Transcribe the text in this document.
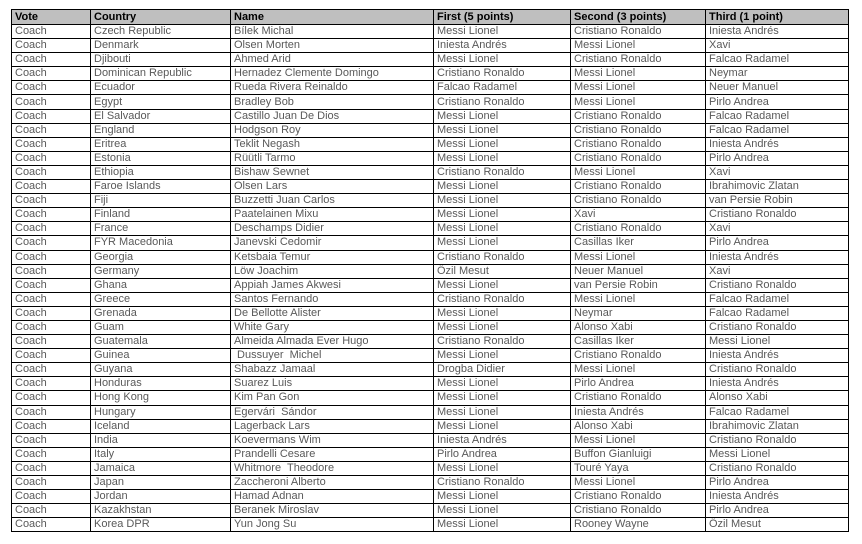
Vote	Country	Name	First (5 points)	Second (3 points)	Third (1 point)
Coach	Czech Republic	Bílek Michal	Messi Lionel	Cristiano Ronaldo	Iniesta Andrés
Coach	Denmark	Olsen Morten	Iniesta Andrés	Messi Lionel	Xavi
Coach	Djibouti	Ahmed Arid	Messi Lionel	Cristiano Ronaldo	Falcao Radamel
Coach	Dominican Republic	Hernadez Clemente Domingo	Cristiano Ronaldo	Messi Lionel	Neymar
Coach	Ecuador	Rueda Rivera Reinaldo	Falcao Radamel	Messi Lionel	Neuer Manuel
Coach	Egypt	Bradley Bob	Cristiano Ronaldo	Messi Lionel	Pirlo Andrea
Coach	El Salvador	Castillo Juan De Dios	Messi Lionel	Cristiano Ronaldo	Falcao Radamel
Coach	England	Hodgson Roy	Messi Lionel	Cristiano Ronaldo	Falcao Radamel
Coach	Eritrea	Teklit Negash	Messi Lionel	Cristiano Ronaldo	Iniesta Andrés
Coach	Estonia	Rüütli Tarmo	Messi Lionel	Cristiano Ronaldo	Pirlo Andrea
Coach	Ethiopia	Bishaw Sewnet	Cristiano Ronaldo	Messi Lionel	Xavi
Coach	Faroe Islands	Olsen Lars	Messi Lionel	Cristiano Ronaldo	Ibrahimovic Zlatan
Coach	Fiji	Buzzetti Juan Carlos	Messi Lionel	Cristiano Ronaldo	van Persie Robin
Coach	Finland	Paatelainen Mixu	Messi Lionel	Xavi	Cristiano Ronaldo
Coach	France	Deschamps Didier	Messi Lionel	Cristiano Ronaldo	Xavi
Coach	FYR Macedonia	Janevski Cedomir	Messi Lionel	Casillas Iker	Pirlo Andrea
Coach	Georgia	Ketsbaia Temur	Cristiano Ronaldo	Messi Lionel	Iniesta Andrés
Coach	Germany	Löw Joachim	Özil Mesut	Neuer Manuel	Xavi
Coach	Ghana	Appiah James Akwesi	Messi Lionel	van Persie Robin	Cristiano Ronaldo
Coach	Greece	Santos Fernando	Cristiano Ronaldo	Messi Lionel	Falcao Radamel
Coach	Grenada	De Bellotte Alister	Messi Lionel	Neymar	Falcao Radamel
Coach	Guam	White Gary	Messi Lionel	Alonso Xabi	Cristiano Ronaldo
Coach	Guatemala	Almeida Almada Ever Hugo	Cristiano Ronaldo	Casillas Iker	Messi Lionel
Coach	Guinea	Dussuyer  Michel	Messi Lionel	Cristiano Ronaldo	Iniesta Andrés
Coach	Guyana	Shabazz Jamaal	Drogba Didier	Messi Lionel	Cristiano Ronaldo
Coach	Honduras	Suarez Luis	Messi Lionel	Pirlo Andrea	Iniesta Andrés
Coach	Hong Kong	Kim Pan Gon	Messi Lionel	Cristiano Ronaldo	Alonso Xabi
Coach	Hungary	Egervári  Sándor	Messi Lionel	Iniesta Andrés	Falcao Radamel
Coach	Iceland	Lagerback Lars	Messi Lionel	Alonso Xabi	Ibrahimovic Zlatan
Coach	India	Koevermans Wim	Iniesta Andrés	Messi Lionel	Cristiano Ronaldo
Coach	Italy	Prandelli Cesare	Pirlo Andrea	Buffon Gianluigi	Messi Lionel
Coach	Jamaica	Whitmore  Theodore	Messi Lionel	Touré Yaya	Cristiano Ronaldo
Coach	Japan	Zaccheroni Alberto	Cristiano Ronaldo	Messi Lionel	Pirlo Andrea
Coach	Jordan	Hamad Adnan	Messi Lionel	Cristiano Ronaldo	Iniesta Andrés
Coach	Kazakhstan	Beranek Miroslav	Messi Lionel	Cristiano Ronaldo	Pirlo Andrea
Coach	Korea DPR	Yun Jong Su	Messi Lionel	Rooney Wayne	Özil Mesut
